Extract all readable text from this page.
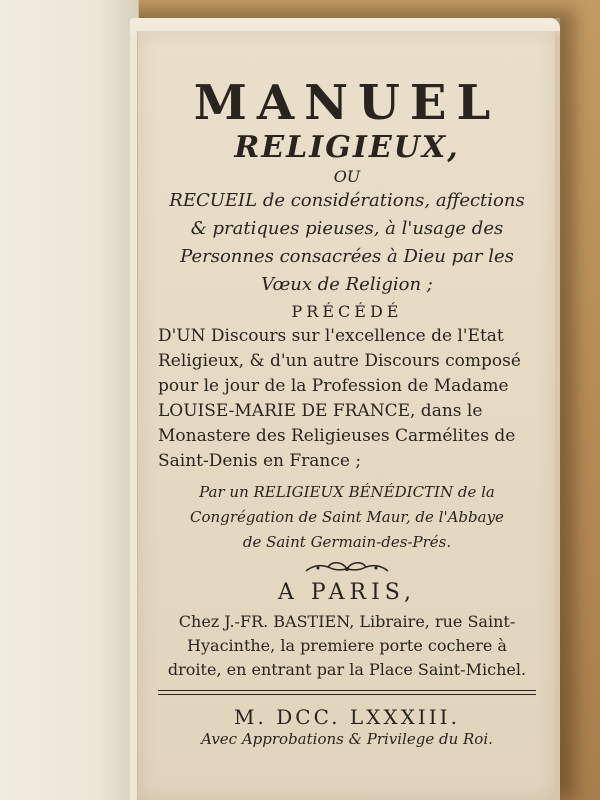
MANUEL
RELIGIEUX,
OU
RECUEIL de considérations, affections
& pratiques pieuses, à l'usage des
Personnes consacrées à Dieu par les
Vœux de Religion ;
PRÉCÉDÉ
D'UN Discours sur l'excellence de l'Etat
Religieux, & d'un autre Discours composé
pour le jour de la Profession de Madame
LOUISE-MARIE DE FRANCE, dans le
Monastere des Religieuses Carmélites de
Saint-Denis en France ;
Par un RELIGIEUX BÉNÉDICTIN de la
Congrégation de Saint Maur, de l'Abbaye
de Saint Germain-des-Prés.
A PARIS,
Chez J.-FR. BASTIEN, Libraire, rue Saint-
Hyacinthe, la premiere porte cochere à
droite, en entrant par la Place Saint-Michel.
M. DCC. LXXXIII.
Avec Approbations & Privilege du Roi.
